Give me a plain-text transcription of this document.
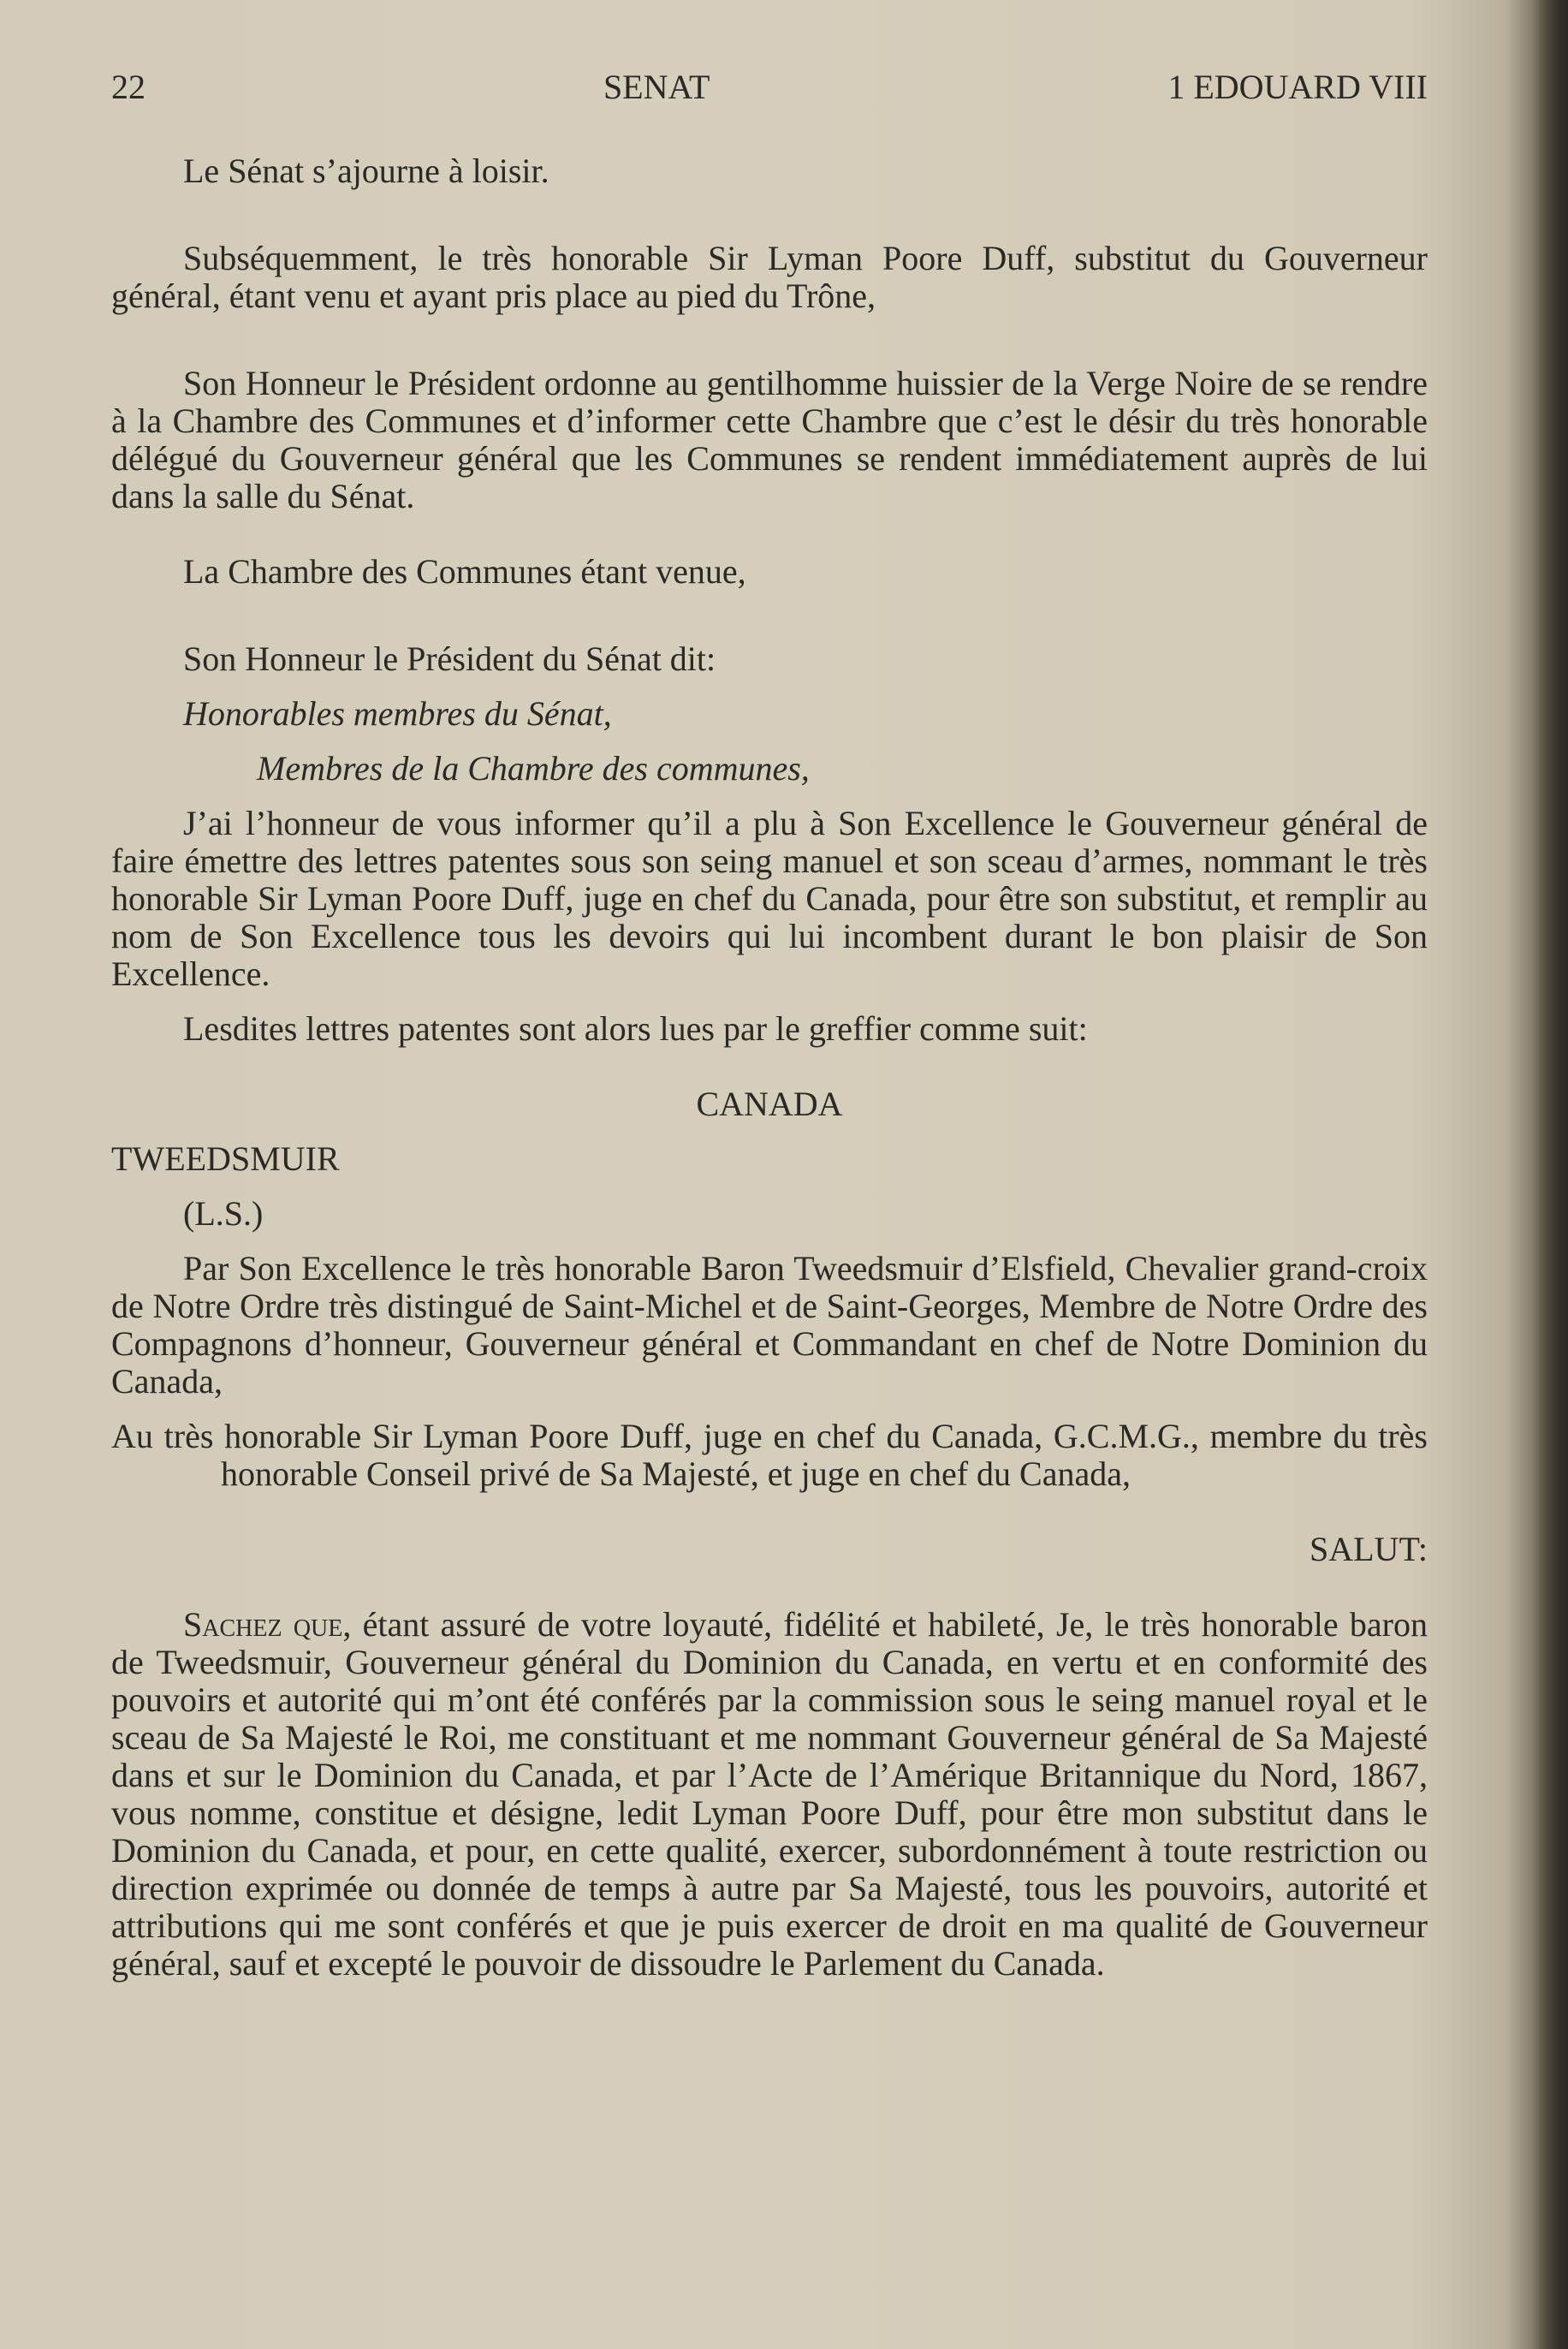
22	SENAT	1 EDOUARD VIII

Le Sénat s’ajourne à loisir.

Subséquemment, le très honorable Sir Lyman Poore Duff, substitut du Gouverneur général, étant venu et ayant pris place au pied du Trône,

Son Honneur le Président ordonne au gentilhomme huissier de la Verge Noire de se rendre à la Chambre des Communes et d’informer cette Chambre que c’est le désir du très honorable délégué du Gouverneur général que les Communes se rendent immédiatement auprès de lui dans la salle du Sénat.

La Chambre des Communes étant venue,

Son Honneur le Président du Sénat dit:

Honorables membres du Sénat,

Membres de la Chambre des communes,

J’ai l’honneur de vous informer qu’il a plu à Son Excellence le Gouverneur général de faire émettre des lettres patentes sous son seing manuel et son sceau d’armes, nommant le très honorable Sir Lyman Poore Duff, juge en chef du Canada, pour être son substitut, et remplir au nom de Son Excellence tous les devoirs qui lui incombent durant le bon plaisir de Son Excellence.

Lesdites lettres patentes sont alors lues par le greffier comme suit:

CANADA

TWEEDSMUIR

(L.S.)

Par Son Excellence le très honorable Baron Tweedsmuir d’Elsfield, Chevalier grand-croix de Notre Ordre très distingué de Saint-Michel et de Saint-Georges, Membre de Notre Ordre des Compagnons d’honneur, Gouverneur général et Commandant en chef de Notre Dominion du Canada,

Au très honorable Sir Lyman Poore Duff, juge en chef du Canada, G.C.M.G., membre du très honorable Conseil privé de Sa Majesté, et juge en chef du Canada,

SALUT:

Sachez que, étant assuré de votre loyauté, fidélité et habileté, Je, le très honorable baron de Tweedsmuir, Gouverneur général du Dominion du Canada, en vertu et en conformité des pouvoirs et autorité qui m’ont été conférés par la commission sous le seing manuel royal et le sceau de Sa Majesté le Roi, me constituant et me nommant Gouverneur général de Sa Majesté dans et sur le Dominion du Canada, et par l’Acte de l’Amérique Britannique du Nord, 1867, vous nomme, constitue et désigne, ledit Lyman Poore Duff, pour être mon substitut dans le Dominion du Canada, et pour, en cette qualité, exercer, subordonnément à toute restriction ou direction exprimée ou donnée de temps à autre par Sa Majesté, tous les pouvoirs, autorité et attributions qui me sont conférés et que je puis exercer de droit en ma qualité de Gouverneur général, sauf et excepté le pouvoir de dissoudre le Parlement du Canada.
